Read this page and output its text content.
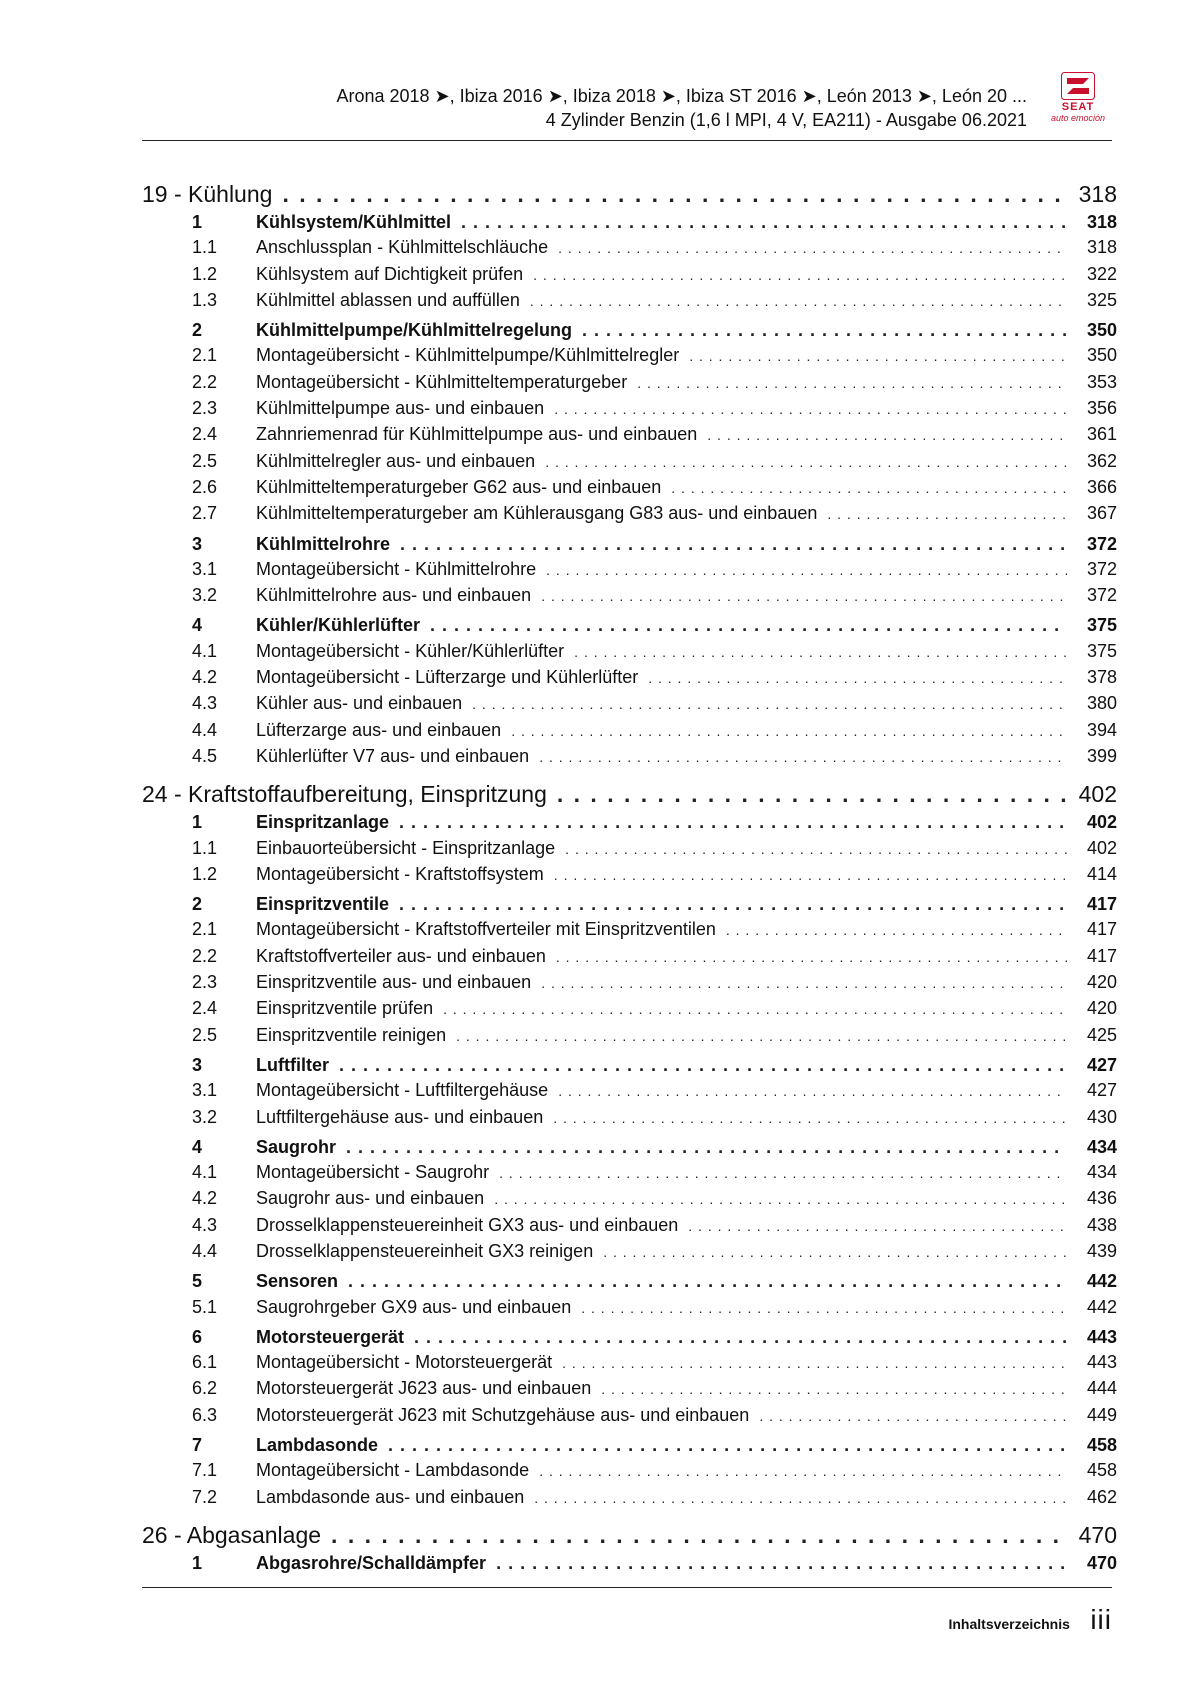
Arona 2018 ➤, Ibiza 2016 ➤, Ibiza 2018 ➤, Ibiza ST 2016 ➤, León 2013 ➤, León 20 ...
4 Zylinder Benzin (1,6 l MPI, 4 V, EA211) - Ausgabe 06.2021
SEAT
auto emoción
19 - Kühlung . . .	318
1	Kühlsystem/Kühlmittel . . .	318
1.1 Anschlussplan - Kühlmittelschläuche . . .	318
1.2 Kühlsystem auf Dichtigkeit prüfen . . .	322
1.3 Kühlmittel ablassen und auffüllen . . .	325
2	Kühlmittelpumpe/Kühlmittelregelung . . .	350
2.1 Montageübersicht - Kühlmittelpumpe/Kühlmittelregler . . .	350
2.2 Montageübersicht - Kühlmitteltemperaturgeber . . .	353
2.3 Kühlmittelpumpe aus- und einbauen . . .	356
2.4 Zahnriemenrad für Kühlmittelpumpe aus- und einbauen . . .	361
2.5 Kühlmittelregler aus- und einbauen . . .	362
2.6 Kühlmitteltemperaturgeber G62 aus- und einbauen . . .	366
2.7 Kühlmitteltemperaturgeber am Kühlerausgang G83 aus- und einbauen . . .	367
3	Kühlmittelrohre . . .	372
3.1 Montageübersicht - Kühlmittelrohre . . .	372
3.2 Kühlmittelrohre aus- und einbauen . . .	372
4	Kühler/Kühlerlüfter . . .	375
4.1 Montageübersicht - Kühler/Kühlerlüfter . . .	375
4.2 Montageübersicht - Lüfterzarge und Kühlerlüfter . . .	378
4.3 Kühler aus- und einbauen . . .	380
4.4 Lüfterzarge aus- und einbauen . . .	394
4.5 Kühlerlüfter V7 aus- und einbauen . . .	399
24 - Kraftstoffaufbereitung, Einspritzung . . .	402
1	Einspritzanlage . . .	402
1.1 Einbauorteübersicht - Einspritzanlage . . .	402
1.2 Montageübersicht - Kraftstoffsystem . . .	414
2	Einspritzventile . . .	417
2.1 Montageübersicht - Kraftstoffverteiler mit Einspritzventilen . . .	417
2.2 Kraftstoffverteiler aus- und einbauen . . .	417
2.3 Einspritzventile aus- und einbauen . . .	420
2.4 Einspritzventile prüfen . . .	420
2.5 Einspritzventile reinigen . . .	425
3	Luftfilter . . .	427
3.1 Montageübersicht - Luftfiltergehäuse . . .	427
3.2 Luftfiltergehäuse aus- und einbauen . . .	430
4	Saugrohr . . .	434
4.1 Montageübersicht - Saugrohr . . .	434
4.2 Saugrohr aus- und einbauen . . .	436
4.3 Drosselklappensteuereinheit GX3 aus- und einbauen . . .	438
4.4 Drosselklappensteuereinheit GX3 reinigen . . .	439
5	Sensoren . . .	442
5.1 Saugrohrgeber GX9 aus- und einbauen . . .	442
6	Motorsteuergerät . . .	443
6.1 Montageübersicht - Motorsteuergerät . . .	443
6.2 Motorsteuergerät J623 aus- und einbauen . . .	444
6.3 Motorsteuergerät J623 mit Schutzgehäuse aus- und einbauen . . .	449
7	Lambdasonde . . .	458
7.1 Montageübersicht - Lambdasonde . . .	458
7.2 Lambdasonde aus- und einbauen . . .	462
26 - Abgasanlage . . .	470
1	Abgasrohre/Schalldämpfer . . .	470
Inhaltsverzeichnis iii
